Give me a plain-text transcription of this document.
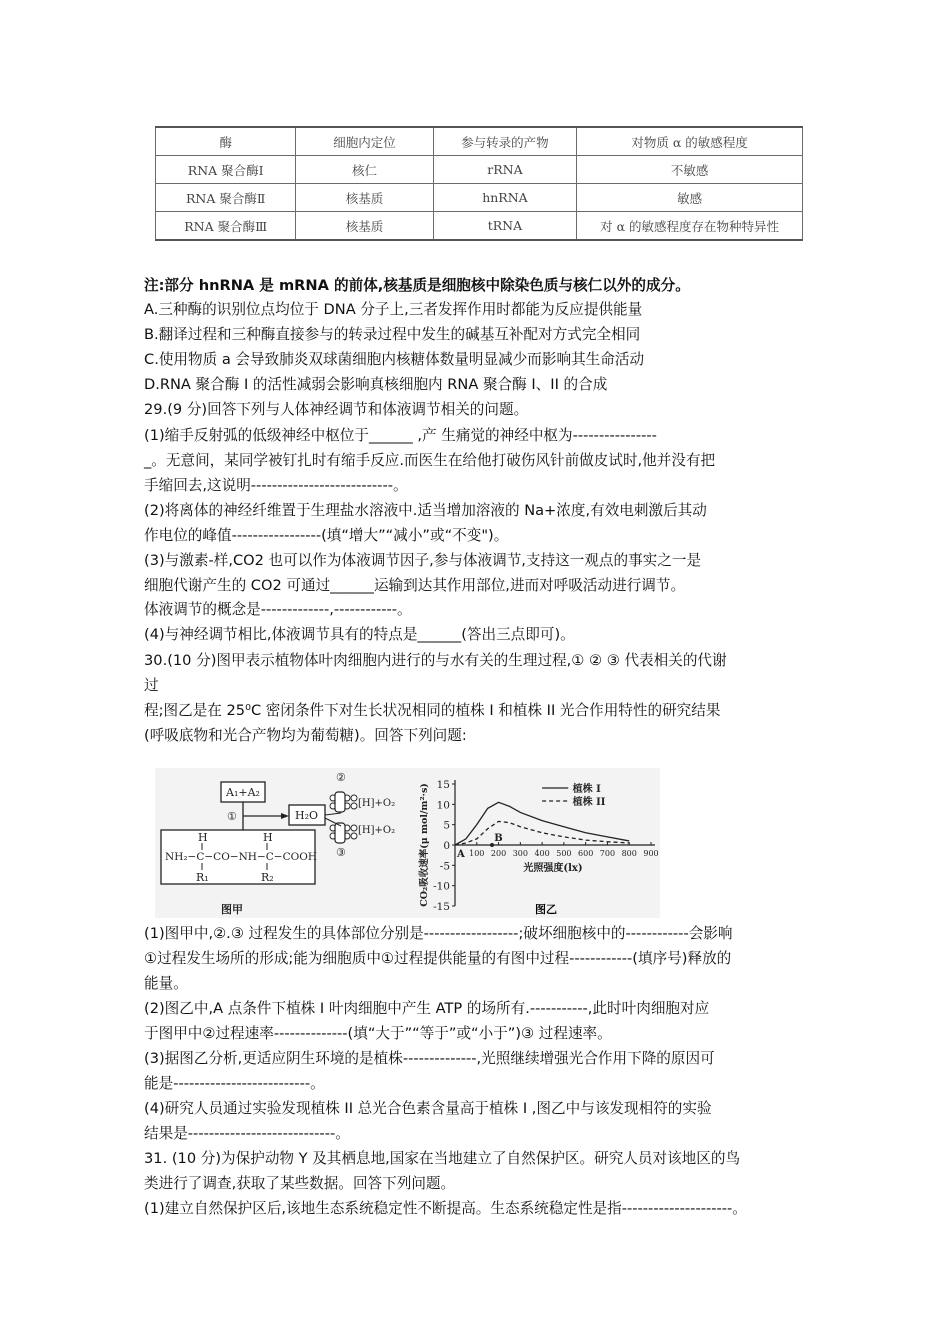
酶	细胞内定位	参与转录的产物	对物质 α 的敏感程度
RNA 聚合酶Ⅰ	核仁	rRNA	不敏感
RNA 聚合酶Ⅱ	核基质	hnRNA	敏感
RNA 聚合酶Ⅲ	核基质	tRNA	对 α 的敏感程度存在物种特异性
注:部分 hnRNA 是 mRNA 的前体,核基质是细胞核中除染色质与核仁以外的成分。
A.三种酶的识别位点均位于 DNA 分子上,三者发挥作用时都能为反应提供能量
B.翻译过程和三种酶直接参与的转录过程中发生的碱基互补配对方式完全相同
C.使用物质 a 会导致肺炎双球菌细胞内核糖体数量明显减少而影响其生命活动
D.RNA 聚合酶 I 的活性减弱会影响真核细胞内 RNA 聚合酶 I、II 的合成
29.(9 分)回答下列与人体神经调节和体液调节相关的问题。
(1)缩手反射弧的低级神经中枢位于______ ,产 生痛觉的神经中枢为----------------
_。无意间，某同学被钉扎时有缩手反应.而医生在给他打破伤风针前做皮试时,他并没有把
手缩回去,这说明---------------------------。
(2)将离体的神经纤维置于生理盐水溶液中.适当增加溶液的 Na+浓度,有效电刺激后其动
作电位的峰值-----------------(填“增大”“减小”或“不变")。
(3)与激素-样,CO2 也可以作为体液调节因子,参与体液调节,支持这一观点的事实之一是
细胞代谢产生的 CO2 可通过______运输到达其作用部位,进而对呼吸活动进行调节。
体液调节的概念是-------------,------------。
(4)与神经调节相比,体液调节具有的特点是______(答出三点即可)。
30.(10 分)图甲表示植物体叶肉细胞内进行的与水有关的生理过程,① ② ③ 代表相关的代谢
过
程;图乙是在 25⁰C 密闭条件下对生长状况相同的植株 I 和植株 II 光合作用特性的研究结果
(呼吸底物和光合产物均为葡萄糖)。回答下列问题:
A₁+A₂
①	H₂O
H	H
NH₂−C−CO−NH−C−COOH
R₁	R₂
②
[H]+O₂
[H]+O₂
③
图甲
15
10
5
0
-5
-10
-15
100 200 300 400 500 600 700 800 900
光照强度(lx)
CO₂吸收速率(μ mol/m²·s)	A
B
植株 I
植株 II
图乙
(1)图甲中,②.③ 过程发生的具体部位分别是------------------;破坏细胞核中的------------会影响
①过程发生场所的形成;能为细胞质中①过程提供能量的有图中过程------------(填序号)释放的
能量。
(2)图乙中,A 点条件下植株 I 叶肉细胞中产生 ATP 的场所有.-----------,此时叶肉细胞对应
于图甲中②过程速率--------------(填“大于”“等于”或“小于”)③ 过程速率。
(3)据图乙分析,更适应阴生环境的是植株--------------,光照继续增强光合作用下降的原因可
能是--------------------------。
(4)研究人员通过实验发现植株 II 总光合色素含量高于植株 I ,图乙中与该发现相符的实验
结果是----------------------------。
31. (10 分)为保护动物 Y 及其栖息地,国家在当地建立了自然保护区。研究人员对该地区的鸟
类进行了调查,获取了某些数据。回答下列问题。
(1)建立自然保护区后,该地生态系统稳定性不断提高。生态系统稳定性是指---------------------。
